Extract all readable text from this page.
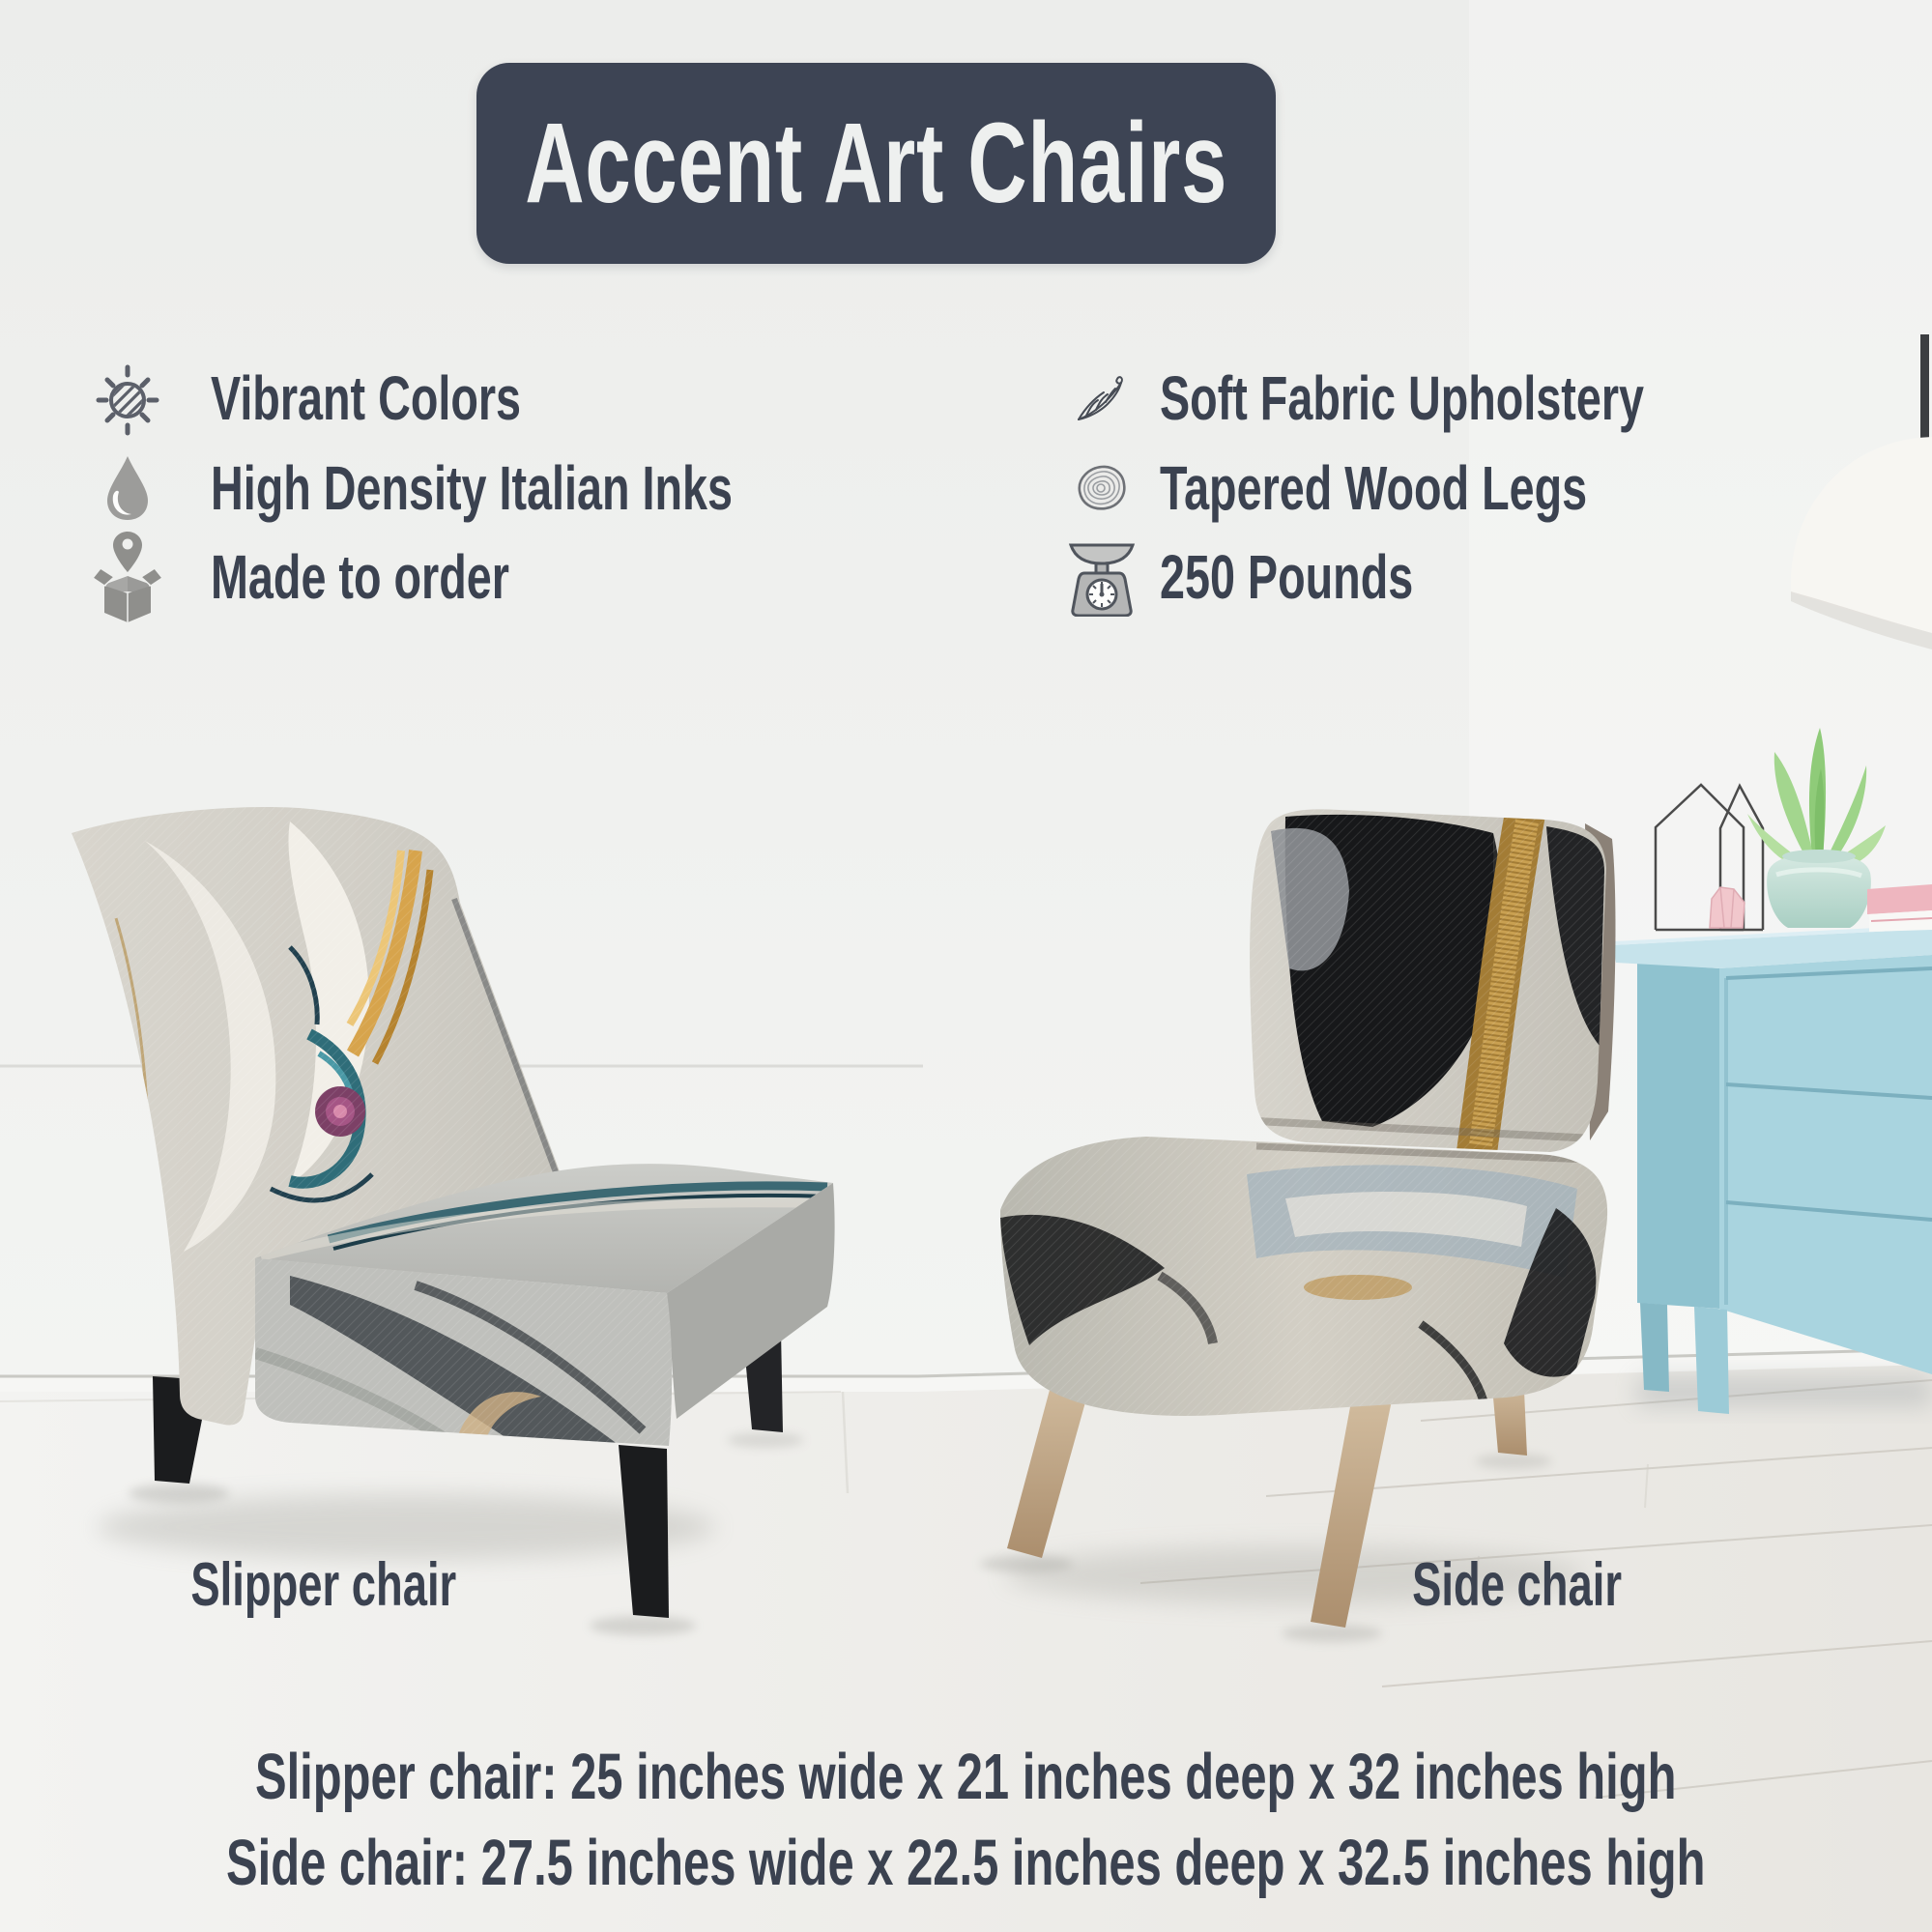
Accent Art Chairs
Vibrant Colors
High Density Italian Inks
Made to order
Soft Fabric Upholstery
Tapered Wood Legs
250 Pounds
Slipper chair	Side chair
Slipper chair: 25 inches wide x 21 inches deep x 32 inches high
Side chair: 27.5 inches wide x 22.5 inches deep x 32.5 inches high
